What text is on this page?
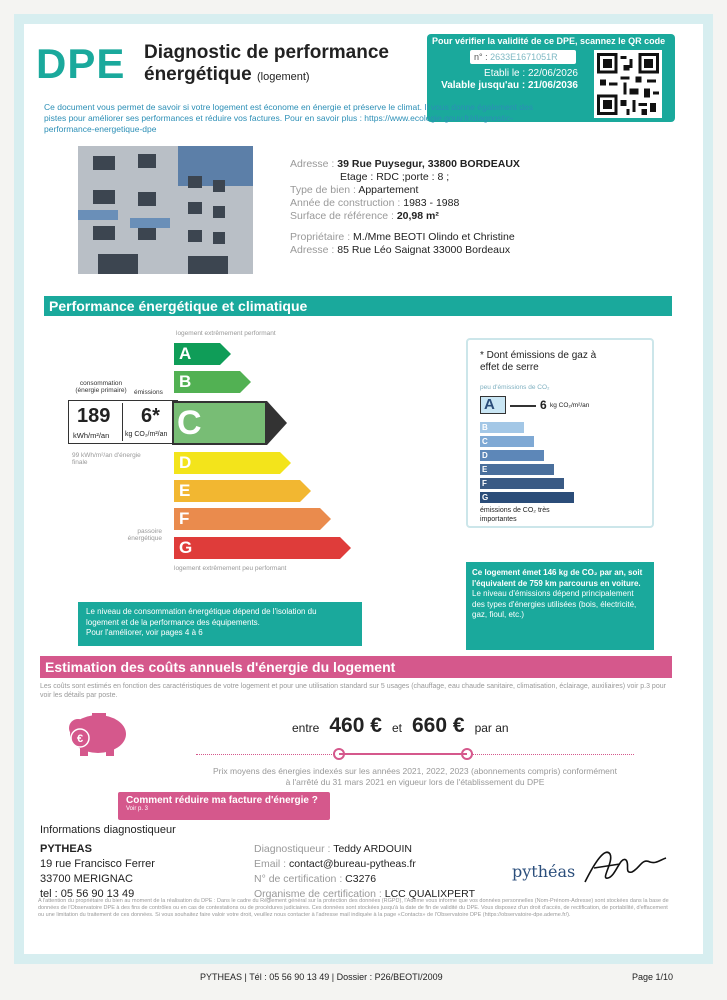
DPE Diagnostic de performance
énergétique (logement)
Pour vérifier la validité de ce DPE, scannez le QR code
n° : 2633E1671051R
Etabli le : 22/06/2026
Valable jusqu'au : 21/06/2036
Ce document vous permet de savoir si votre logement est économe en énergie et préserve le climat. Il vous donne également des pistes pour améliorer ses performances et réduire vos factures. Pour en savoir plus : https://www.ecologie.gouv.fr/diagnostic-performance-energetique-dpe
Adresse : 39 Rue Puysegur, 33800 BORDEAUX
Etage : RDC ;porte : 8 ;
Type de bien : Appartement
Année de construction : 1983 - 1988
Surface de référence : 20,98 m²
Propriétaire : M./Mme BEOTI Olindo et Christine
Adresse : 85 Rue Léo Saignat 33000 Bordeaux
Performance énergétique et climatique
logement extrêmement performant
A
B
D
E
F
G
consommation (énergie primaire)	émissions
189
kWh/m²/an
6*
kg CO₂/m²/an C
99 kWh/m²/an d'énergie finale
passoire énergétique
logement extrêmement peu performant
* Dont émissions de gaz à effet de serre
peu d'émissions de CO₂
A	6 kg CO₂/m²/an
B
C
D
E
F
G
émissions de CO₂ très importantes
Ce logement émet 146 kg de CO₂ par an, soit l'équivalent de 759 km parcourus en voiture.
Le niveau d'émissions dépend principalement des types d'énergies utilisées (bois, électricité, gaz, fioul, etc.)
Le niveau de consommation énergétique dépend de l'isolation du
logement et de la performance des équipements.
Pour l'améliorer, voir pages 4 à 6
Estimation des coûts annuels d'énergie du logement
Les coûts sont estimés en fonction des caractéristiques de votre logement et pour une utilisation standard sur 5 usages (chauffage, eau chaude sanitaire, climatisation, éclairage, auxiliaires) voir p.3 pour voir les détails par poste.
€
entre 460 € et 660 € par an
Prix moyens des énergies indexés sur les années 2021, 2022, 2023 (abonnements compris) conformément
à l'arrêté du 31 mars 2021 en vigueur lors de l'établissement du DPE
Comment réduire ma facture d'énergie ?
Voir p. 3
Informations diagnostiqueur
PYTHEAS
19 rue Francisco Ferrer
33700 MERIGNAC
tel : 05 56 90 13 49
Diagnostiqueur : Teddy ARDOUIN
Email : contact@bureau-pytheas.fr
N° de certification : C3276
Organisme de certification : LCC QUALIXPERT
pythéas
A l'attention du propriétaire du bien au moment de la réalisation du DPE : Dans le cadre du Règlement général sur la protection des données (RGPD), l'Ademe vous informe que vos données personnelles (Nom-Prénom-Adresse) sont stockées dans la base de données de l'Observatoire DPE à des fins de contrôles ou en cas de contestations ou de procédures judiciaires. Ces données sont stockées jusqu'à la date de fin de validité du DPE. Vous disposez d'un droit d'accès, de rectification, de portabilité, d'effacement ou une limitation du traitement de ces données. Si vous souhaitez faire valoir votre droit, veuillez nous contacter à l'adresse mail indiquée à la page «Contacts» de l'Observatoire DPE (https://observatoire-dpe.ademe.fr/).
PYTHEAS | Tél : 05 56 90 13 49 | Dossier : P26/BEOTI/2009	Page 1/10
